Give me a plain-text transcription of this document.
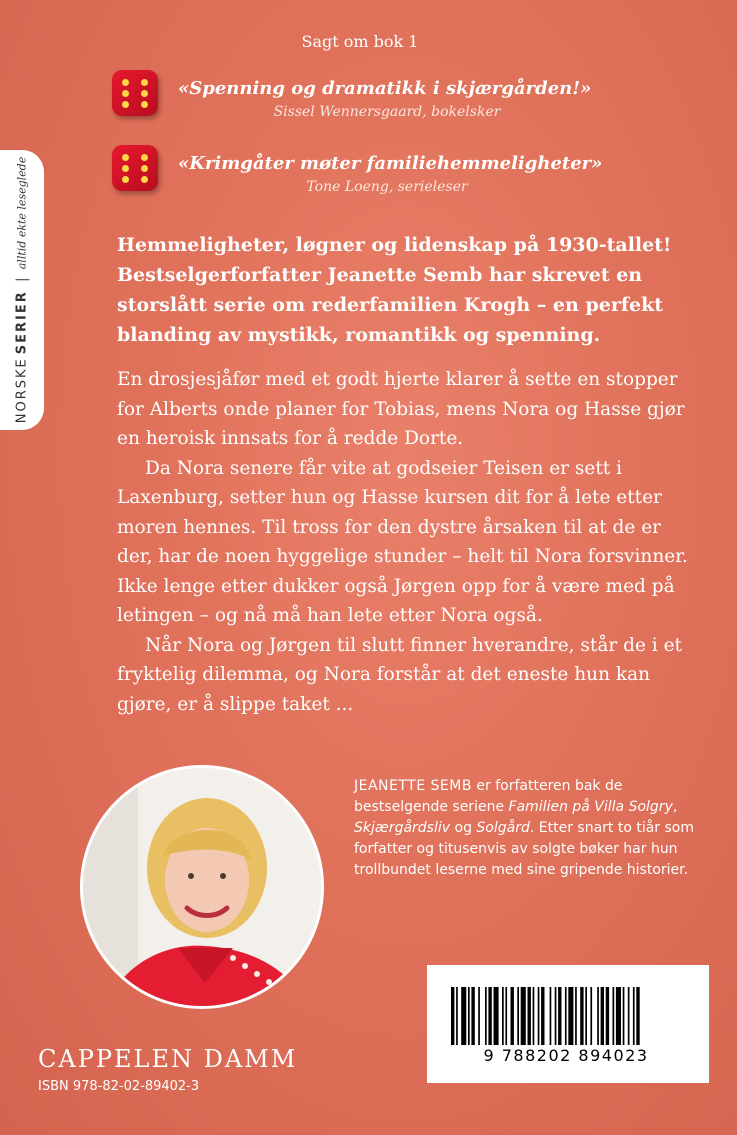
NORSKE
SERIER
alltid ekte leseglede
Sagt om bok 1
«Spenning og dramatikk i skjærgården!»
Sissel Wennersgaard, bokelsker
«Krimgåter møter familiehemmeligheter»
Tone Loeng, serieleser

Hemmeligheter, løgner og lidenskap på 1930-tallet! Bestselgerforfatter Jeanette Semb har skrevet en storslått serie om rederfamilien Krogh – en perfekt blanding av mystikk, romantikk og spenning.

En drosjesjåfør med et godt hjerte klarer å sette en stopper for Alberts onde planer for Tobias, mens Nora og Hasse gjør en heroisk innsats for å redde Dorte.

Da Nora senere får vite at godseier Teisen er sett i Laxenburg, setter hun og Hasse kursen dit for å lete etter moren hennes. Til tross for den dystre årsaken til at de er der, har de noen hyggelige stunder – helt til Nora forsvinner. Ikke lenge etter dukker også Jørgen opp for å være med på letingen – og nå må han lete etter Nora også.

Når Nora og Jørgen til slutt finner hverandre, står de i et fryktelig dilemma, og Nora forstår at det eneste hun kan gjøre, er å slippe taket ...

JEANETTE SEMB er forfatteren bak de bestselgende seriene Familien på Villa Solgry, Skjærgårdsliv og Solgård. Etter snart to tiår som forfatter og titusenvis av solgte bøker har hun trollbundet leserne med sine gripende historier.

9 788202 894023
CAPPELEN DAMM
ISBN 978-82-02-89402-3
